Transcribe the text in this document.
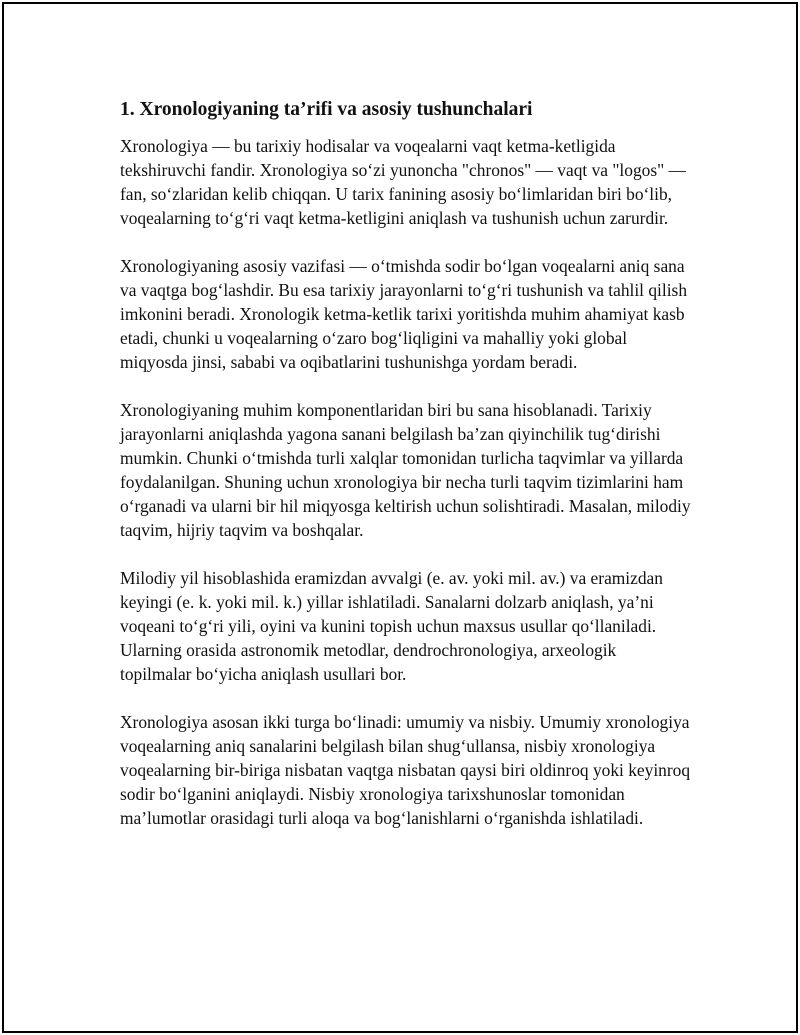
1. Xronologiyaning ta’rifi va asosiy tushunchalari

Xronologiya — bu tarixiy hodisalar va voqealarni vaqt ketma-ketligida tekshiruvchi fandir. Xronologiya so‘zi yunoncha "chronos" — vaqt va "logos" — fan, so‘zlaridan kelib chiqqan. U tarix fanining asosiy bo‘limlaridan biri bo‘lib, voqealarning to‘g‘ri vaqt ketma-ketligini aniqlash va tushunish uchun zarurdir.

Xronologiyaning asosiy vazifasi — o‘tmishda sodir bo‘lgan voqealarni aniq sana va vaqtga bog‘lashdir. Bu esa tarixiy jarayonlarni to‘g‘ri tushunish va tahlil qilish imkonini beradi. Xronologik ketma-ketlik tarixi yoritishda muhim ahamiyat kasb etadi, chunki u voqealarning o‘zaro bog‘liqligini va mahalliy yoki global miqyosda jinsi, sababi va oqibatlarini tushunishga yordam beradi.

Xronologiyaning muhim komponentlaridan biri bu sana hisoblanadi. Tarixiy jarayonlarni aniqlashda yagona sanani belgilash ba’zan qiyinchilik tug‘dirishi mumkin. Chunki o‘tmishda turli xalqlar tomonidan turlicha taqvimlar va yillarda foydalanilgan. Shuning uchun xronologiya bir necha turli taqvim tizimlarini ham o‘rganadi va ularni bir hil miqyosga keltirish uchun solishtiradi. Masalan, milodiy taqvim, hijriy taqvim va boshqalar.

Milodiy yil hisoblashida eramizdan avvalgi (e. av. yoki mil. av.) va eramizdan keyingi (e. k. yoki mil. k.) yillar ishlatiladi. Sanalarni dolzarb aniqlash, ya’ni voqeani to‘g‘ri yili, oyini va kunini topish uchun maxsus usullar qo‘llaniladi. Ularning orasida astronomik metodlar, dendrochronologiya, arxeologik topilmalar bo‘yicha aniqlash usullari bor.

Xronologiya asosan ikki turga bo‘linadi: umumiy va nisbiy. Umumiy xronologiya voqealarning aniq sanalarini belgilash bilan shug‘ullansa, nisbiy xronologiya voqealarning bir-biriga nisbatan vaqtga nisbatan qaysi biri oldinroq yoki keyinroq sodir bo‘lganini aniqlaydi. Nisbiy xronologiya tarixshunoslar tomonidan ma’lumotlar orasidagi turli aloqa va bog‘lanishlarni o‘rganishda ishlatiladi.
